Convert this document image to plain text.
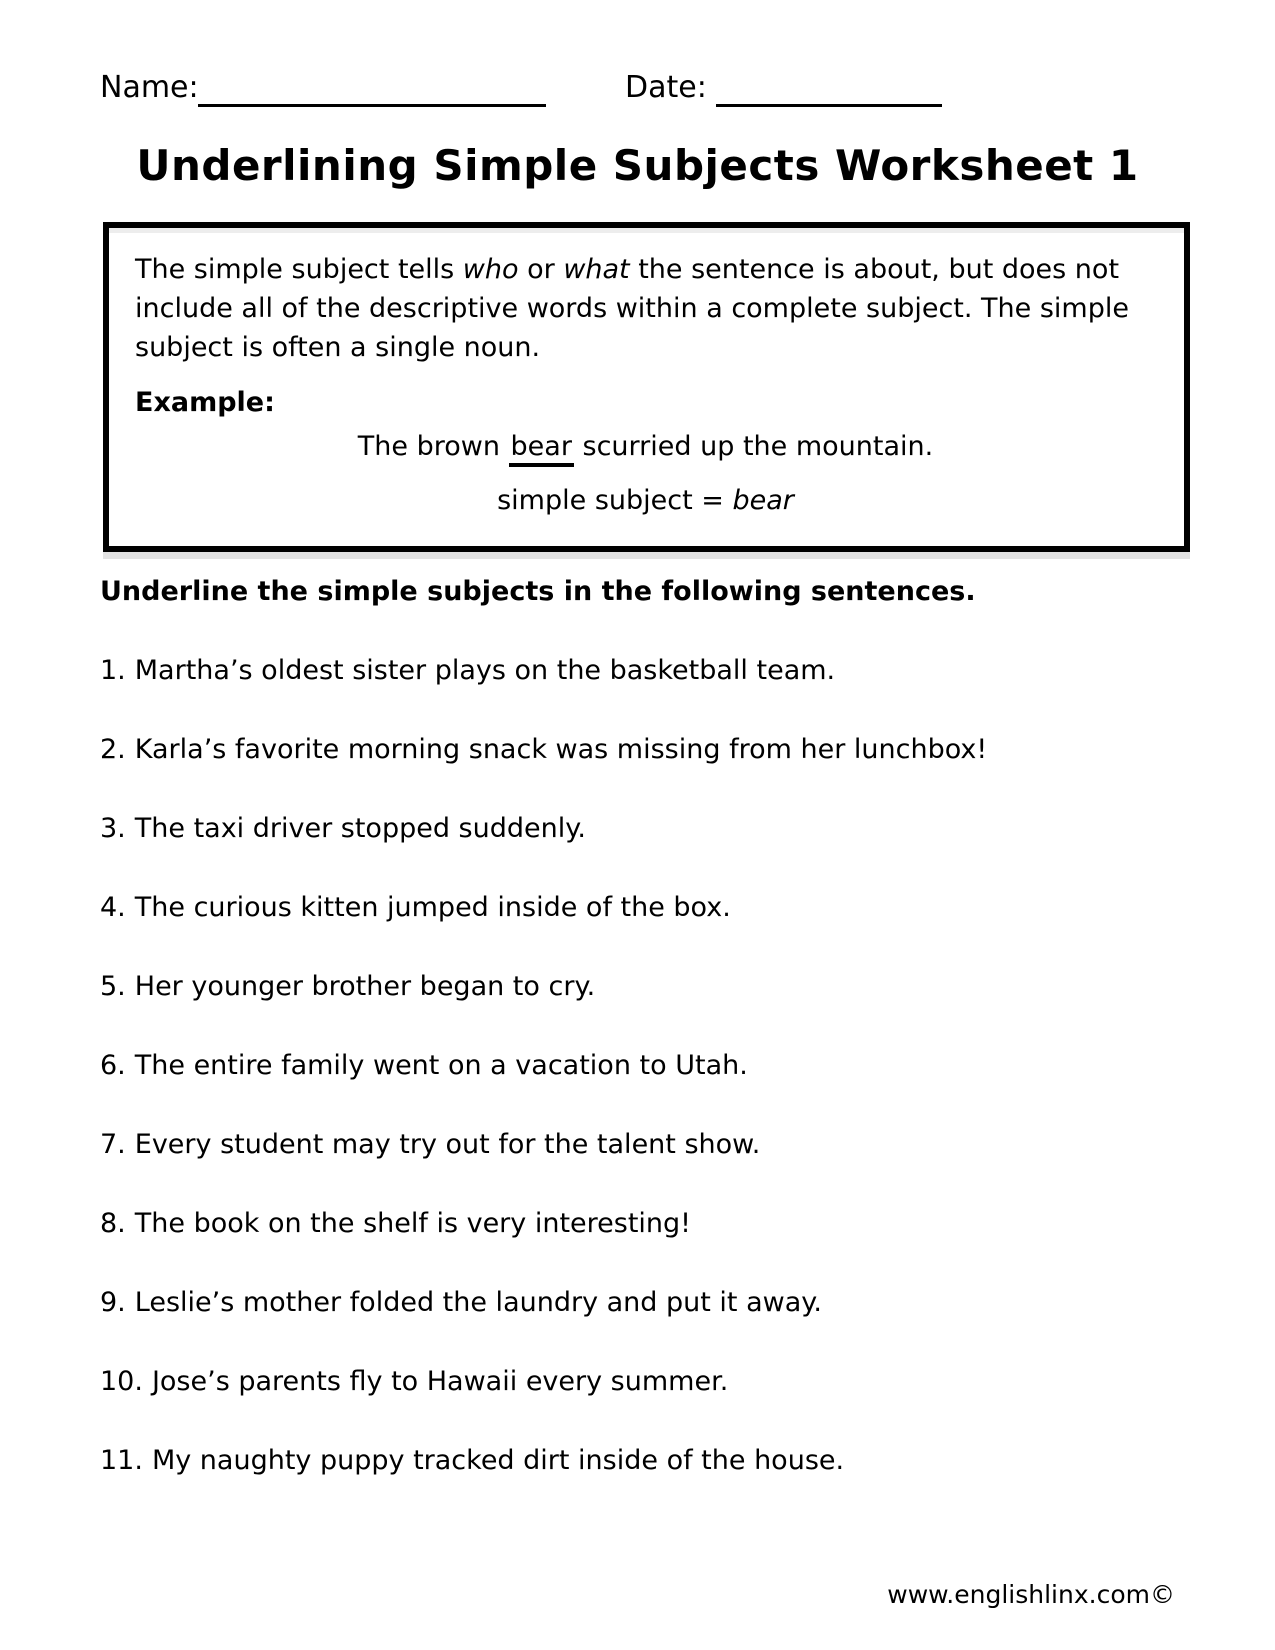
Name:	Date:
Underlining Simple Subjects Worksheet 1

The simple subject tells who or what the sentence is about, but does not include all of the descriptive words within a complete subject. The simple subject is often a single noun.

Example:
The brown bear scurried up the mountain.
simple subject = bear
Underline the simple subjects in the following sentences.
1. Martha’s oldest sister plays on the basketball team.
2. Karla’s favorite morning snack was missing from her lunchbox!
3. The taxi driver stopped suddenly.
4. The curious kitten jumped inside of the box.
5. Her younger brother began to cry.
6. The entire family went on a vacation to Utah.
7. Every student may try out for the talent show.
8. The book on the shelf is very interesting!
9. Leslie’s mother folded the laundry and put it away.
10. Jose’s parents fly to Hawaii every summer.
11. My naughty puppy tracked dirt inside of the house.
www.englishlinx.com©
